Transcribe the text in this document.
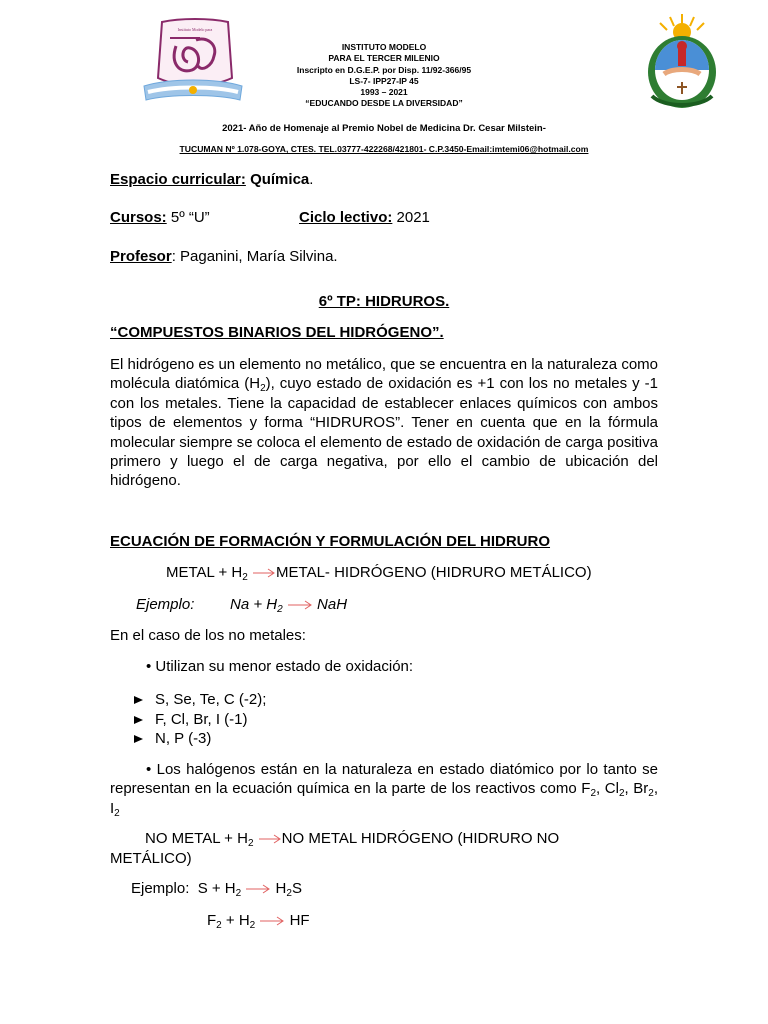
Instituto Modelo para
INSTITUTO MODELO
PARA EL TERCER MILENIO
Inscripto en D.G.E.P. por Disp. 11/92-366/95
LS-7- IPP27-IP 45
1993 – 2021
“EDUCANDO DESDE LA DIVERSIDAD”
2021- Año de Homenaje al Premio Nobel de Medicina Dr. Cesar Milstein-
TUCUMAN Nº 1.078-GOYA, CTES. TEL.03777-422268/421801- C.P.3450-Email:imtemi06@hotmail.com
Espacio curricular: Química.
Cursos: 5º “U”	Ciclo lectivo: 2021
Profesor: Paganini, María Silvina.
6º TP: HIDRUROS.
“COMPUESTOS BINARIOS DEL HIDRÓGENO”.
El hidrógeno es un elemento no metálico, que se encuentra en la naturaleza como molécula diatómica $(H_2)$, cuyo estado de oxidación es +1 con los no metales y -1 con los metales. Tiene la capacidad de establecer enlaces químicos con ambos tipos de elementos y forma “HIDRUROS”. Tener en cuenta que en la fórmula molecular siempre se coloca el elemento de estado de oxidación de carga positiva primero y luego el de carga negativa, por ello el cambio de ubicación del hidrógeno.
ECUACIÓN DE FORMACIÓN Y FORMULACIÓN DEL HIDRURO
METAL + $H_2$ →METAL- HIDRÓGENO (HIDRURO METÁLICO)
Ejemplo: $Na + H_2$ → NaH
En el caso de los no metales:
• Utilizan su menor estado de oxidación:
S, Se, Te, C (-2);
F, Cl, Br, I (-1)
N, P (-3)
• Los halógenos están en la naturaleza en estado diatómico por lo tanto se representan en la ecuación química en la parte de los reactivos como $F_2$, $Cl_2$, $Br_2$, $I_2$
NO METAL + $H_2 \to NO$ METAL HIDRÓGENO (HIDRURO NO
METÁLICO)
Ejemplo: $S + H_2 \to H_2S$
$F_2 + H_2$ → HF
